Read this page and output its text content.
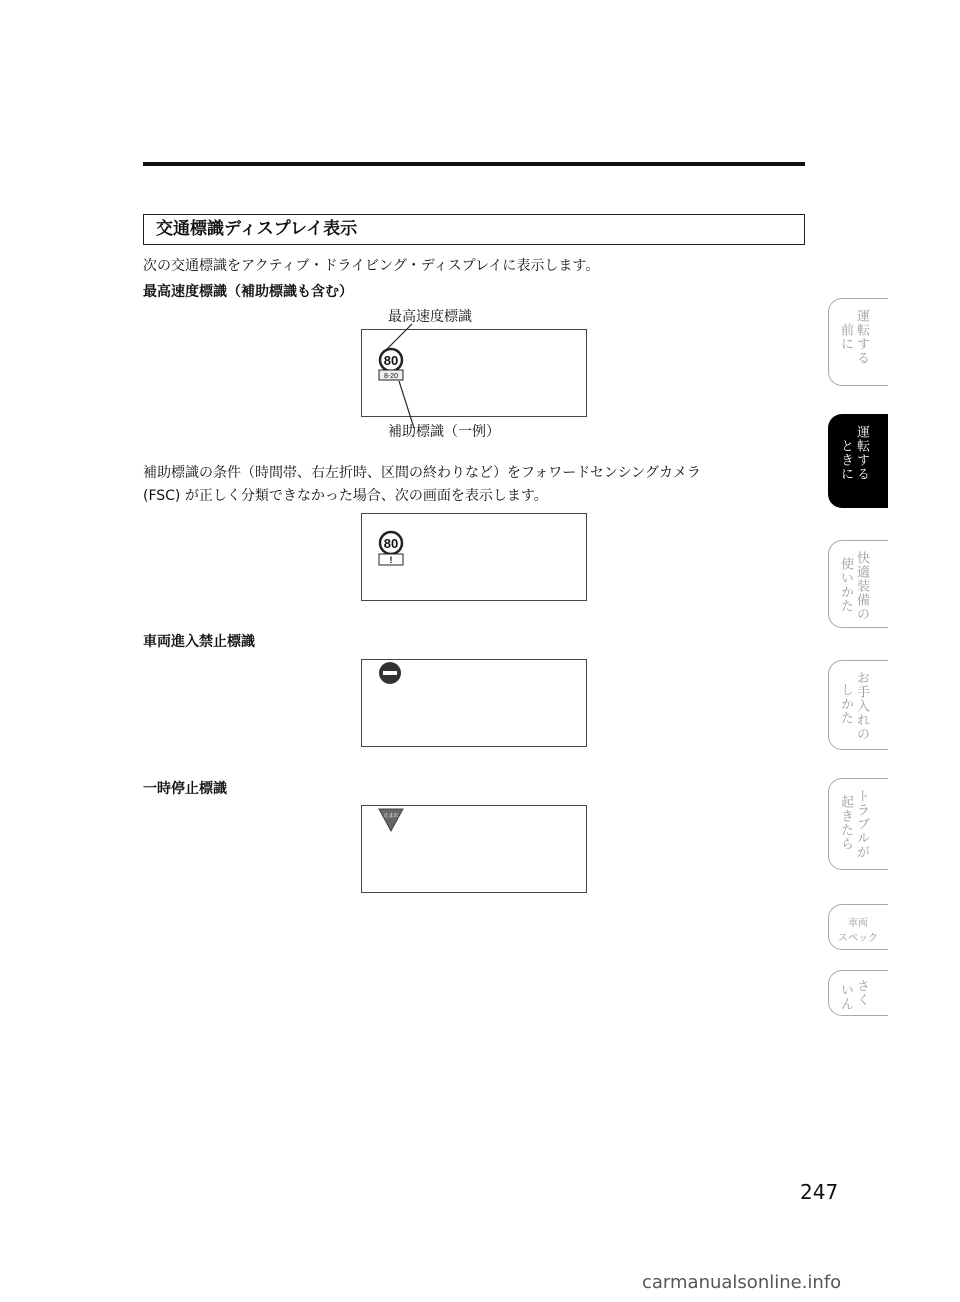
交通標識ディスプレイ表示
次の交通標識をアクティブ・ドライビング・ディスプレイに表示します。
最高速度標識（補助標識も含む）
最高速度標識
80
8-20
補助標識（一例）
補助標識の条件（時間帯、右左折時、区間の終わりなど）をフォワードセンシングカメラ
(FSC) が正しく分類できなかった場合、次の画面を表示します。
80
!
車両進入禁止標識
一時停止標識
止まれ
運転する
前に
運転する
ときに
快適装備の
使いかた
お手入れの
しかた
トラブルが
起きたら
車両
スペック
さく
いん
247
carmanualsonline.info
